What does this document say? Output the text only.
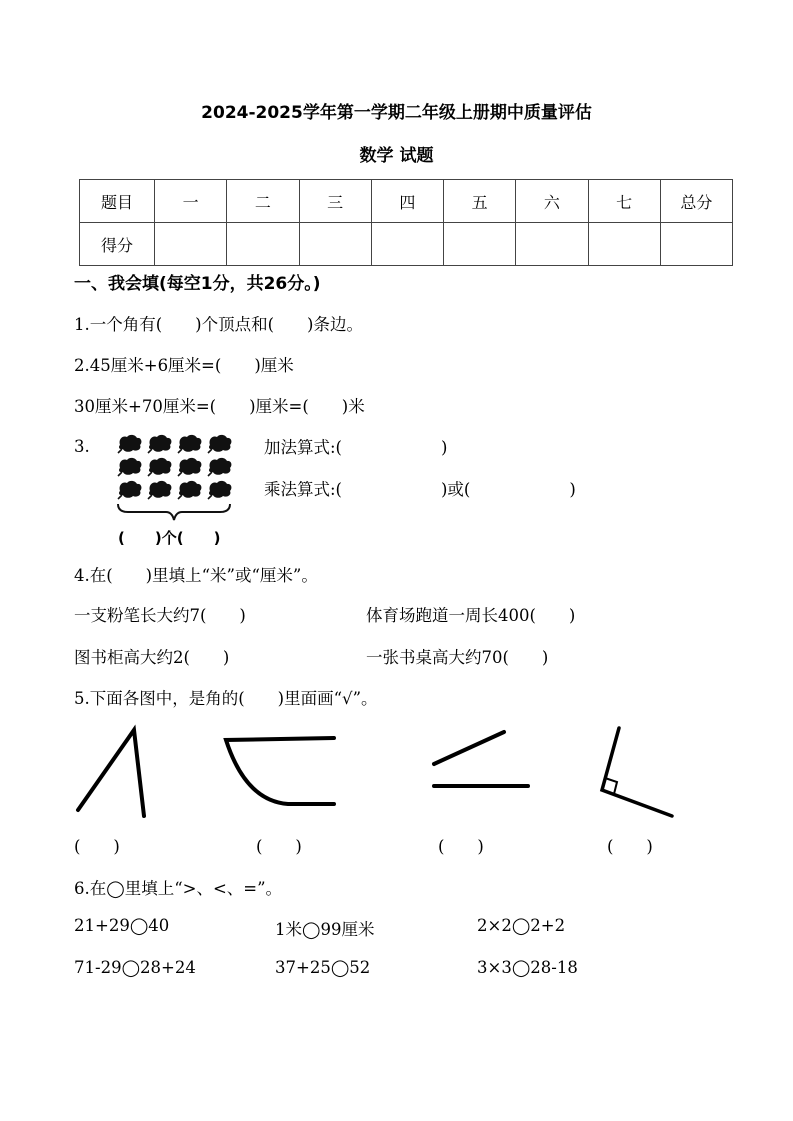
2024-2025学年第一学期二年级上册期中质量评估
数学 试题
题目	一	二	三	四	五	六	七	总分
得分								
一、我会填(每空1分，共26分。)
1.一个角有(　　)个顶点和(　　)条边。
2.45厘米+6厘米=(　　)厘米
30厘米+70厘米=(　　)厘米=(　　)米
3.
(　　)个(　　)
加法算式:(　　　　　　)
乘法算式:(　　　　　　)或(　　　　　　)
4.在(　　)里填上“米”或“厘米”。
一支粉笔长大约7(　　)	体育场跑道一周长400(　　)
图书柜高大约2(　　)	一张书桌高大约70(　　)
5.下面各图中，是角的(　　)里面画“√”。
(　　)	(　　)	(　　)	(　　)
6.在◯里填上“>、<、=”。
21+29◯40	1米◯99厘米	2×2◯2+2
71-29◯28+24	37+25◯52	3×3◯28-18
